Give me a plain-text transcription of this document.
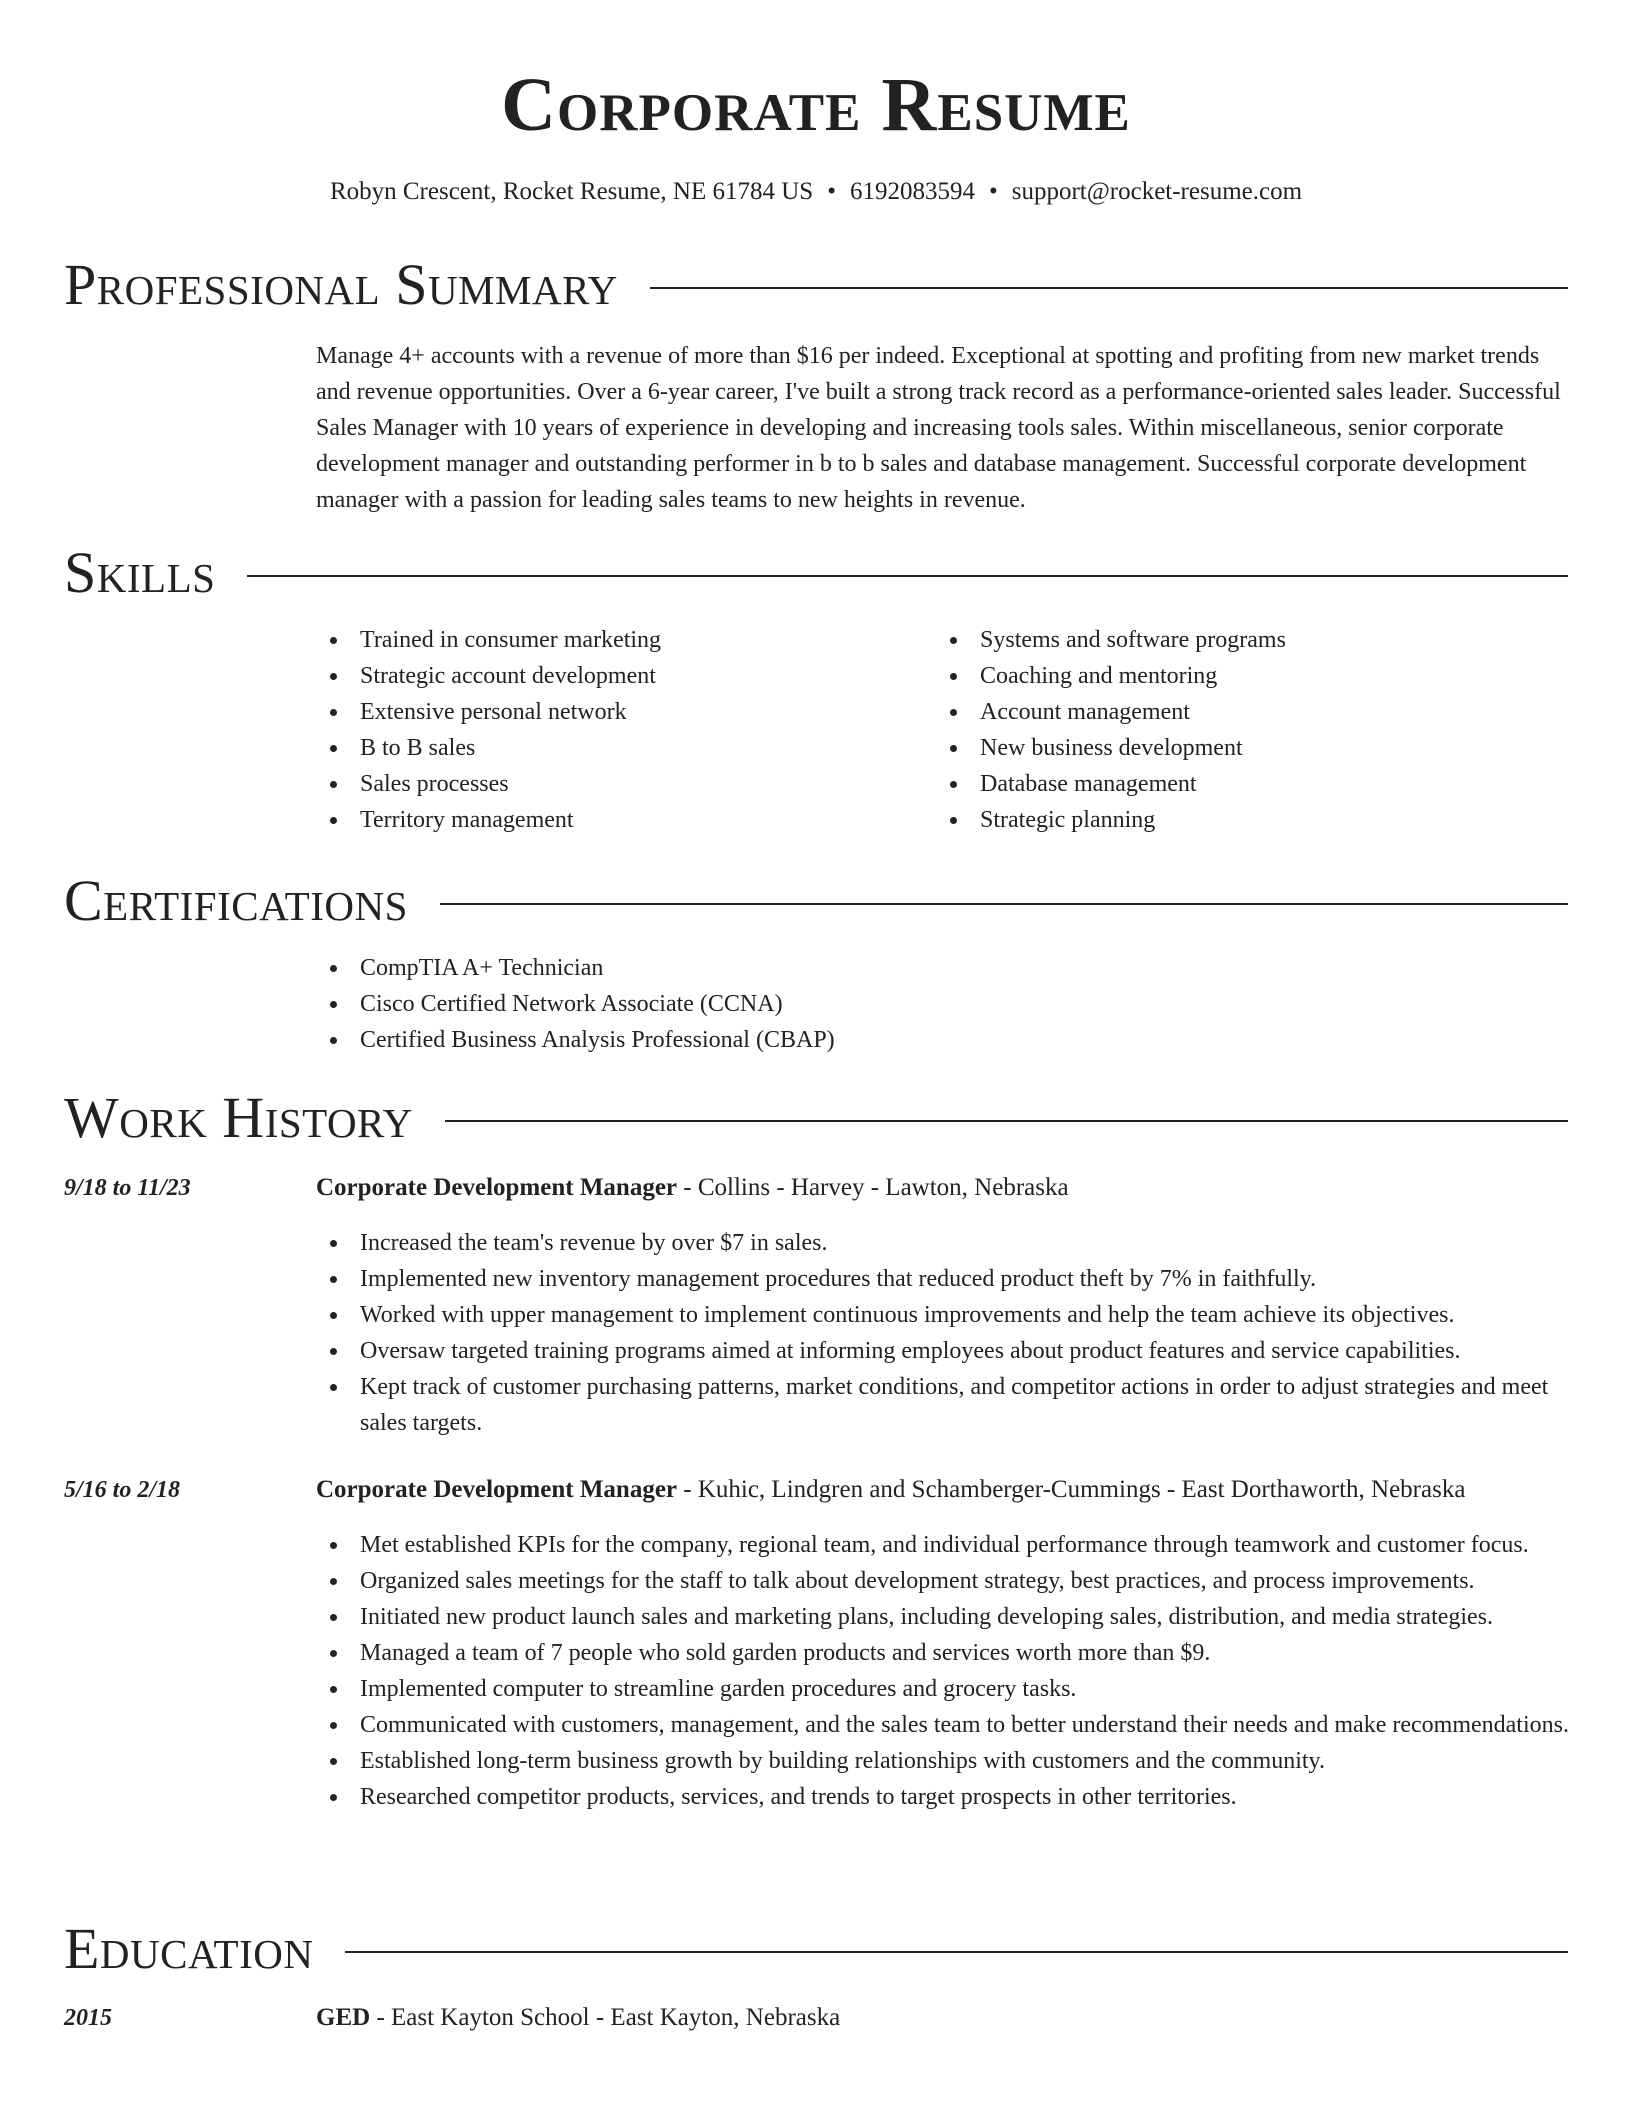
Corporate Resume
Robyn Crescent, Rocket Resume, NE 61784 US • 6192083594 • support@rocket-resume.com
Professional Summary

Manage 4+ accounts with a revenue of more than $16 per indeed. Exceptional at spotting and profiting from new market trends and revenue opportunities. Over a 6-year career, I've built a strong track record as a performance-oriented sales leader. Successful Sales Manager with 10 years of experience in developing and increasing tools sales. Within miscellaneous, senior corporate development manager and outstanding performer in b to b sales and database management. Successful corporate development manager with a passion for leading sales teams to new heights in revenue.

Skills
Trained in consumer marketing
Strategic account development
Extensive personal network
B to B sales
Sales processes
Territory management
Systems and software programs
Coaching and mentoring
Account management
New business development
Database management
Strategic planning
Certifications
CompTIA A+ Technician
Cisco Certified Network Associate (CCNA)
Certified Business Analysis Professional (CBAP)
Work History
9/18 to 11/23	Corporate Development Manager - Collins - Harvey - Lawton, Nebraska
Increased the team's revenue by over $7 in sales.
Implemented new inventory management procedures that reduced product theft by 7% in faithfully.
Worked with upper management to implement continuous improvements and help the team achieve its objectives.
Oversaw targeted training programs aimed at informing employees about product features and service capabilities.
Kept track of customer purchasing patterns, market conditions, and competitor actions in order to adjust strategies and meet sales targets.
5/16 to 2/18	Corporate Development Manager - Kuhic, Lindgren and Schamberger-Cummings - East Dorthaworth, Nebraska
Met established KPIs for the company, regional team, and individual performance through teamwork and customer focus.
Organized sales meetings for the staff to talk about development strategy, best practices, and process improvements.
Initiated new product launch sales and marketing plans, including developing sales, distribution, and media strategies.
Managed a team of 7 people who sold garden products and services worth more than $9.
Implemented computer to streamline garden procedures and grocery tasks.
Communicated with customers, management, and the sales team to better understand their needs and make recommendations.
Established long-term business growth by building relationships with customers and the community.
Researched competitor products, services, and trends to target prospects in other territories.
Education
2015	GED - East Kayton School - East Kayton, Nebraska
